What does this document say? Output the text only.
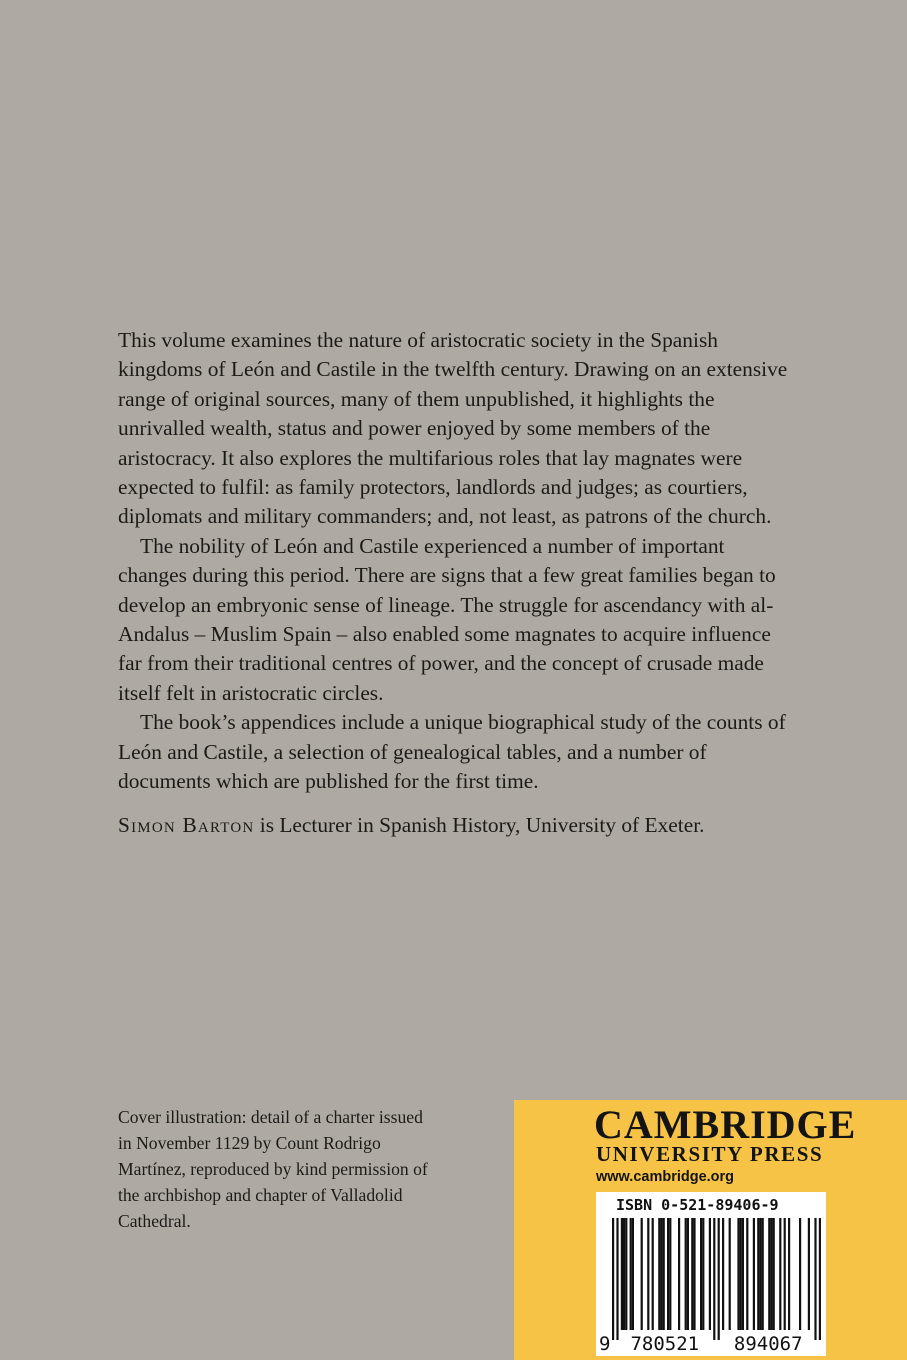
This volume examines the nature of aristocratic society in the Spanish kingdoms of León and Castile in the twelfth century. Drawing on an extensive range of original sources, many of them unpublished, it highlights the unrivalled wealth, status and power enjoyed by some members of the aristocracy. It also explores the multifarious roles that lay magnates were expected to fulfil: as family protectors, landlords and judges; as courtiers, diplomats and military commanders; and, not least, as patrons of the church.

The nobility of León and Castile experienced a number of important changes during this period. There are signs that a few great families began to develop an embryonic sense of lineage. The struggle for ascendancy with al-Andalus – Muslim Spain – also enabled some magnates to acquire influence far from their traditional centres of power, and the concept of crusade made itself felt in aristocratic circles.

The book’s appendices include a unique biographical study of the counts of León and Castile, a selection of genealogical tables, and a number of documents which are published for the first time.

Simon Barton is Lecturer in Spanish History, University of Exeter.

Cover illustration: detail of a charter issued in November 1129 by Count Rodrigo Martínez, reproduced by kind permission of the archbishop and chapter of Valladolid Cathedral.
CAMBRIDGE
UNIVERSITY PRESS
www.cambridge.org
9 780521 894067
ISBN 0-521-89406-9
